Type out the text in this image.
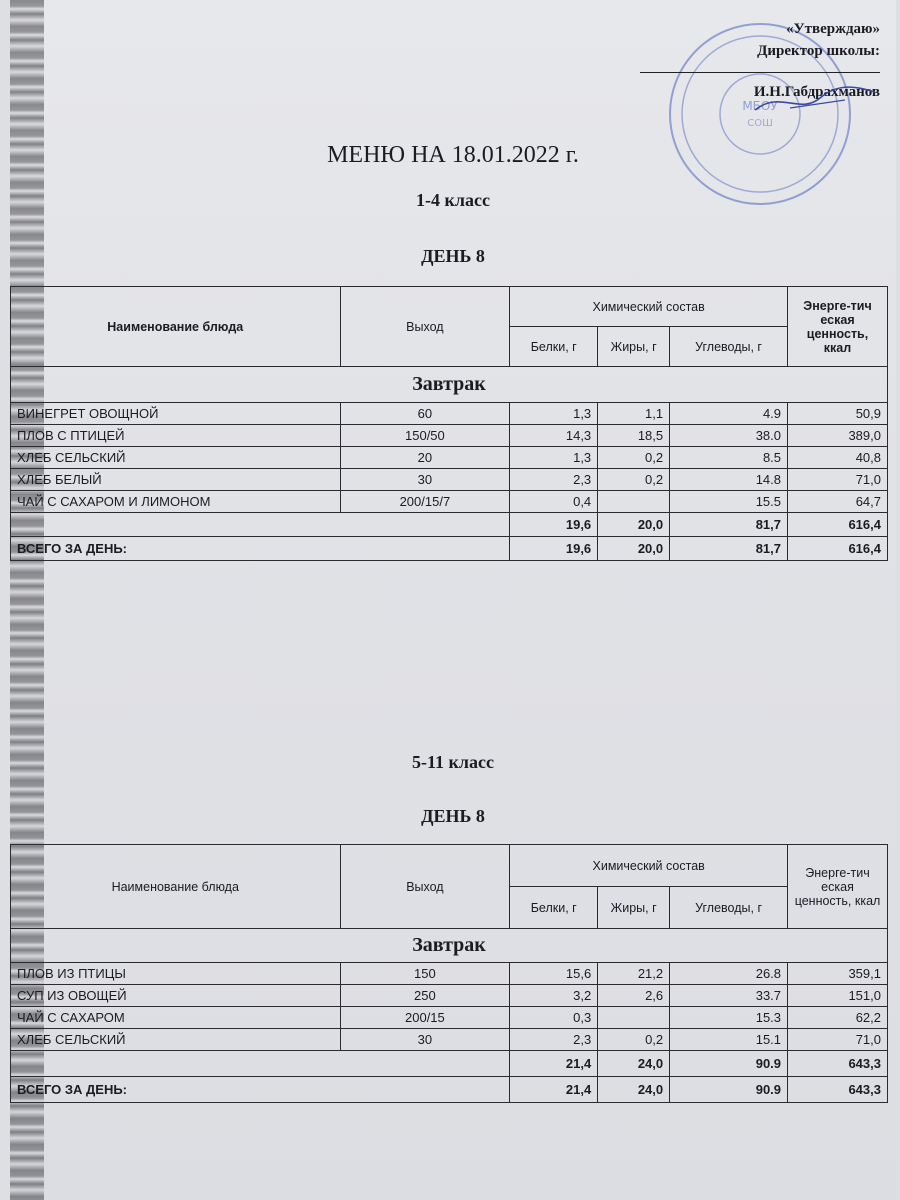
МБОУ
СОШ
«Утверждаю»
Директор школы:
И.Н.Габдрахманов
МЕНЮ НА 18.01.2022 г.
1-4 класс
ДЕНЬ 8
Наименование блюда	Выход	Химический состав			Энерге-тич еская ценность, ккал
		Белки, г	Жиры, г	Углеводы, г	
Завтрак					
ВИНЕГРЕТ ОВОЩНОЙ	60	1,3	1,1	4.9	50,9
ПЛОВ С ПТИЦЕЙ	150/50	14,3	18,5	38.0	389,0
ХЛЕБ СЕЛЬСКИЙ	20	1,3	0,2	8.5	40,8
ХЛЕБ БЕЛЫЙ	30	2,3	0,2	14.8	71,0
ЧАЙ С САХАРОМ И ЛИМОНОМ	200/15/7	0,4		15.5	64,7
		19,6	20,0	81,7	616,4
ВСЕГО ЗА ДЕНЬ:		19,6	20,0	81,7	616,4
5-11 класс
ДЕНЬ 8
Наименование блюда	Выход	Химический состав			Энерге-тич еская ценность, ккал
		Белки, г	Жиры, г	Углеводы, г	
Завтрак					
ПЛОВ ИЗ ПТИЦЫ	150	15,6	21,2	26.8	359,1
СУП ИЗ ОВОЩЕЙ	250	3,2	2,6	33.7	151,0
ЧАЙ С САХАРОМ	200/15	0,3		15.3	62,2
ХЛЕБ СЕЛЬСКИЙ	30	2,3	0,2	15.1	71,0
		21,4	24,0	90.9	643,3
ВСЕГО ЗА ДЕНЬ:		21,4	24,0	90.9	643,3
